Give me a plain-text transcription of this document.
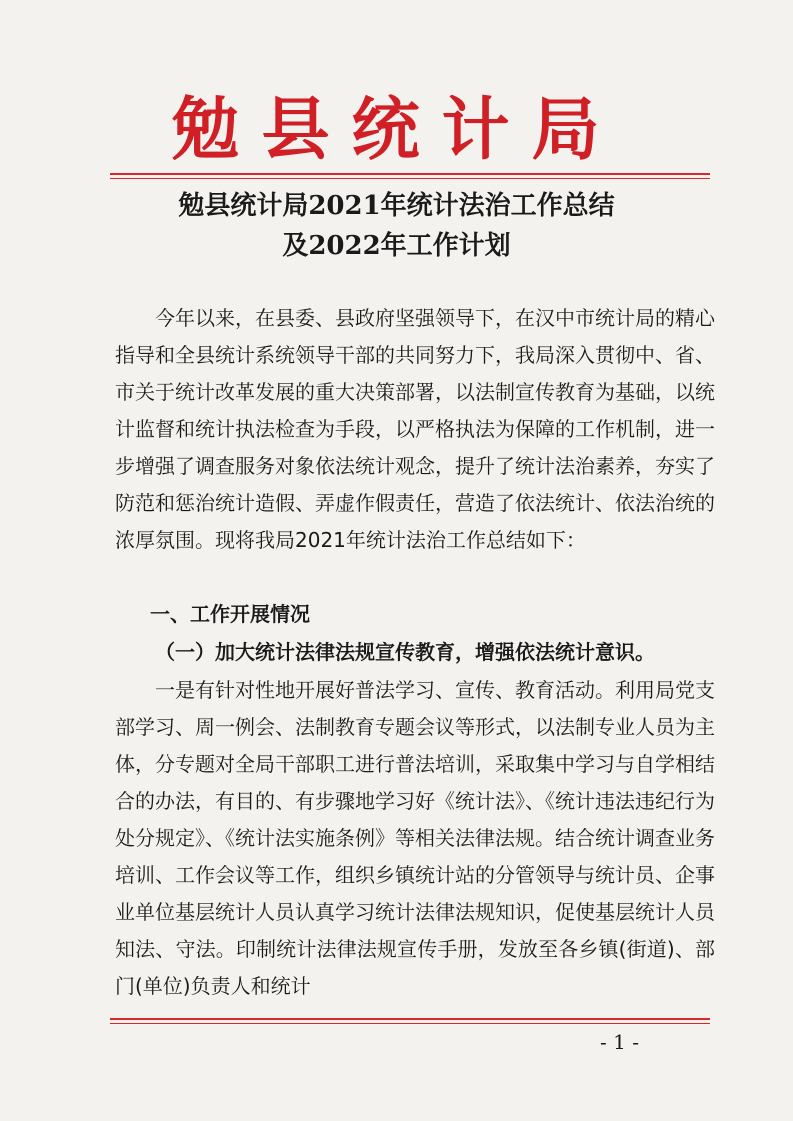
勉县统计局
勉县统计局2021年统计法治工作总结
及2022年工作计划

今年以来，在县委、县政府坚强领导下，在汉中市统计局的精心指导和全县统计系统领导干部的共同努力下，我局深入贯彻中、省、市关于统计改革发展的重大决策部署，以法制宣传教育为基础，以统计监督和统计执法检查为手段，以严格执法为保障的工作机制，进一步增强了调查服务对象依法统计观念，提升了统计法治素养，夯实了防范和惩治统计造假、弄虚作假责任，营造了依法统计、依法治统的浓厚氛围。现将我局2021年统计法治工作总结如下：

一、工作开展情况
（一）加大统计法律法规宣传教育，增强依法统计意识。

一是有针对性地开展好普法学习、宣传、教育活动。利用局党支部学习、周一例会、法制教育专题会议等形式，以法制专业人员为主体，分专题对全局干部职工进行普法培训，采取集中学习与自学相结合的办法，有目的、有步骤地学习好《统计法》、《统计违法违纪行为处分规定》、《统计法实施条例》等相关法律法规。结合统计调查业务培训、工作会议等工作，组织乡镇统计站的分管领导与统计员、企事业单位基层统计人员认真学习统计法律法规知识，促使基层统计人员知法、守法。印制统计法律法规宣传手册，发放至各乡镇(街道)、部门(单位)负责人和统计

- 1 -
